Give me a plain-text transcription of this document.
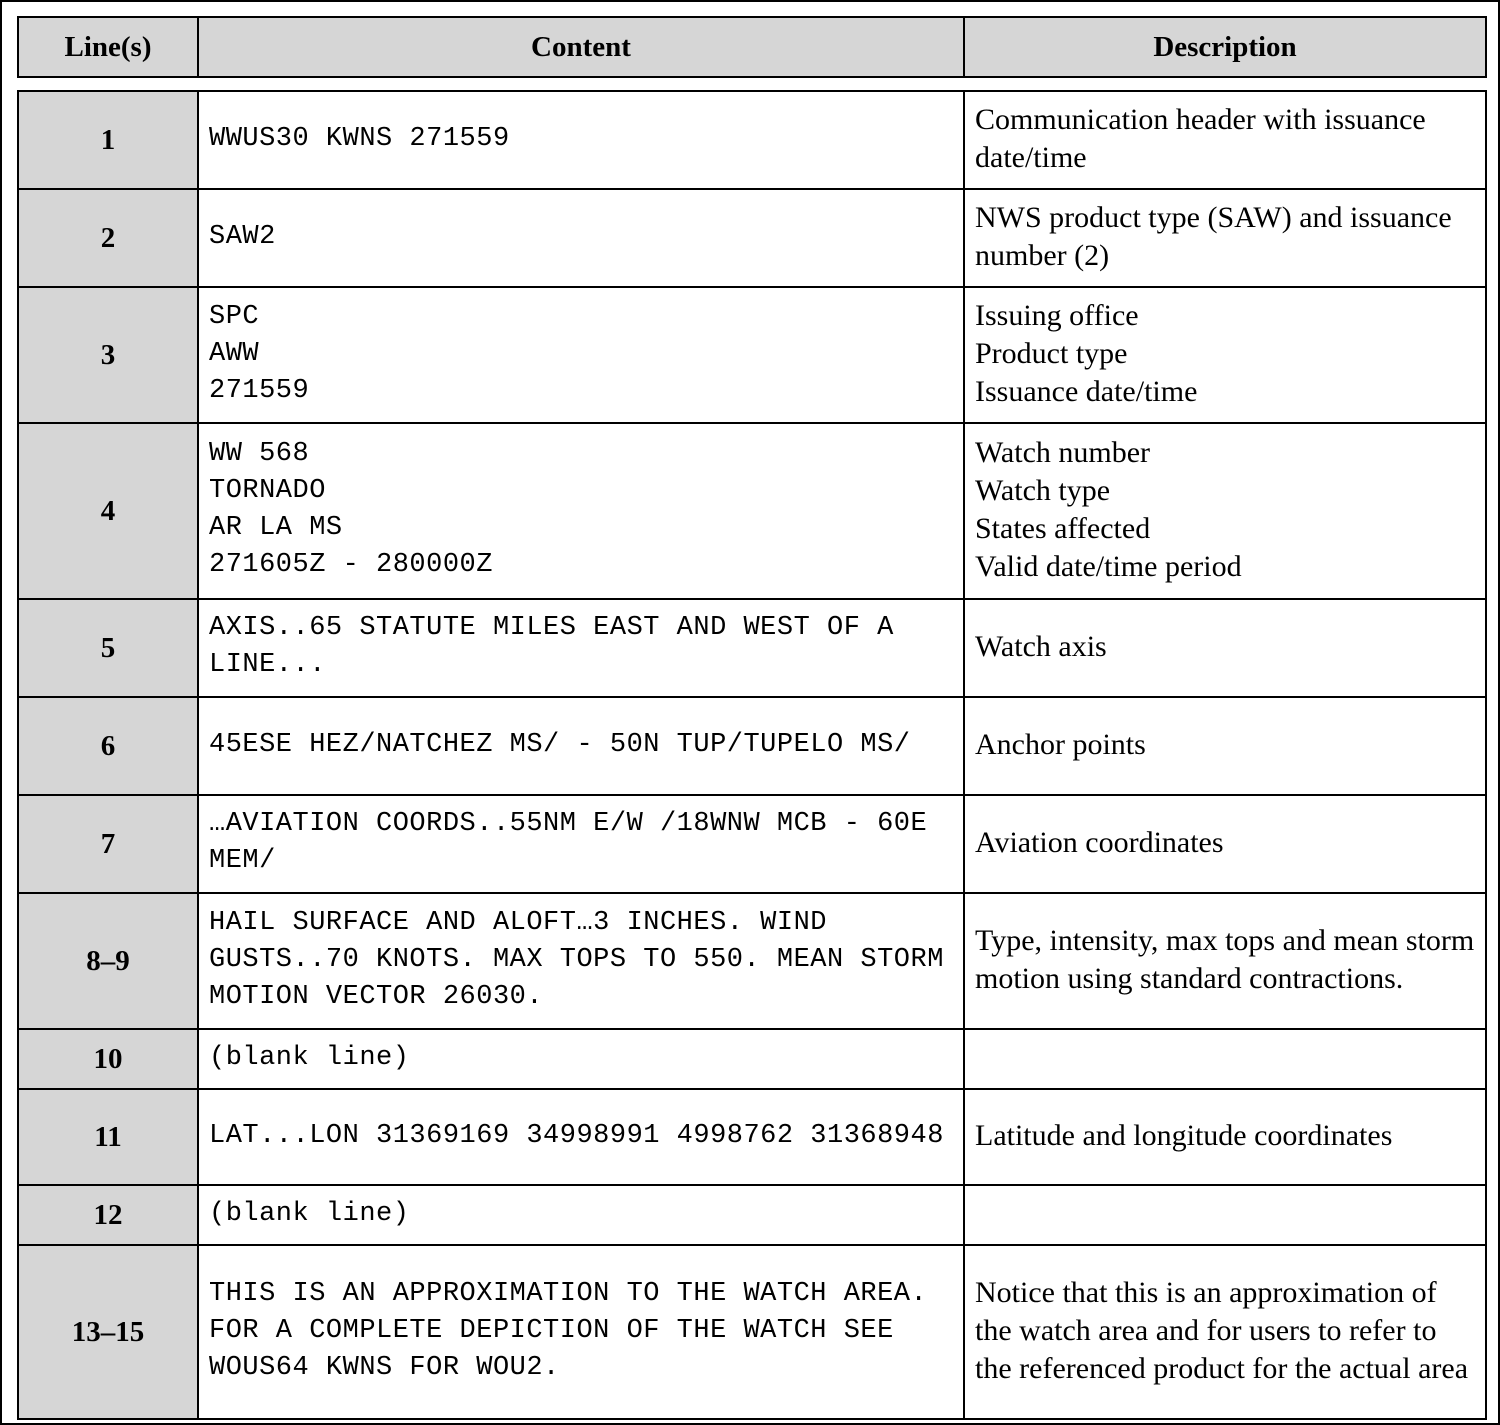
Line(s)	Content	Description
1	WWUS30 KWNS 271559	Communication header with issuance date/time

2	SAW2	NWS product type (SAW) and issuance number (2)

3	SPC
AWW
271559	Issuing office
Product type
Issuance date/time

4	WW 568
TORNADO
AR LA MS
271605Z - 280000Z	Watch number
Watch type
States affected
Valid date/time period

5	AXIS..65 STATUTE MILES EAST AND WEST OF A LINE...	Watch axis

6	45ESE HEZ/NATCHEZ MS/ - 50N TUP/TUPELO MS/	Anchor points

7	…AVIATION COORDS..55NM E/W /18WNW MCB - 60E MEM/	Aviation coordinates

8–9	HAIL SURFACE AND ALOFT…3 INCHES. WIND GUSTS..70 KNOTS. MAX TOPS TO 550. MEAN STORM MOTION VECTOR 26030.	Type, intensity, max tops and mean storm motion using standard contractions.

10	(blank line)	

11	LAT...LON 31369169 34998991 4998762 31368948	Latitude and longitude coordinates

12	(blank line)	

13–15	THIS IS AN APPROXIMATION TO THE WATCH AREA. FOR A COMPLETE DEPICTION OF THE WATCH SEE WOUS64 KWNS FOR WOU2.	Notice that this is an approximation of the watch area and for users to refer to the referenced product for the actual area
